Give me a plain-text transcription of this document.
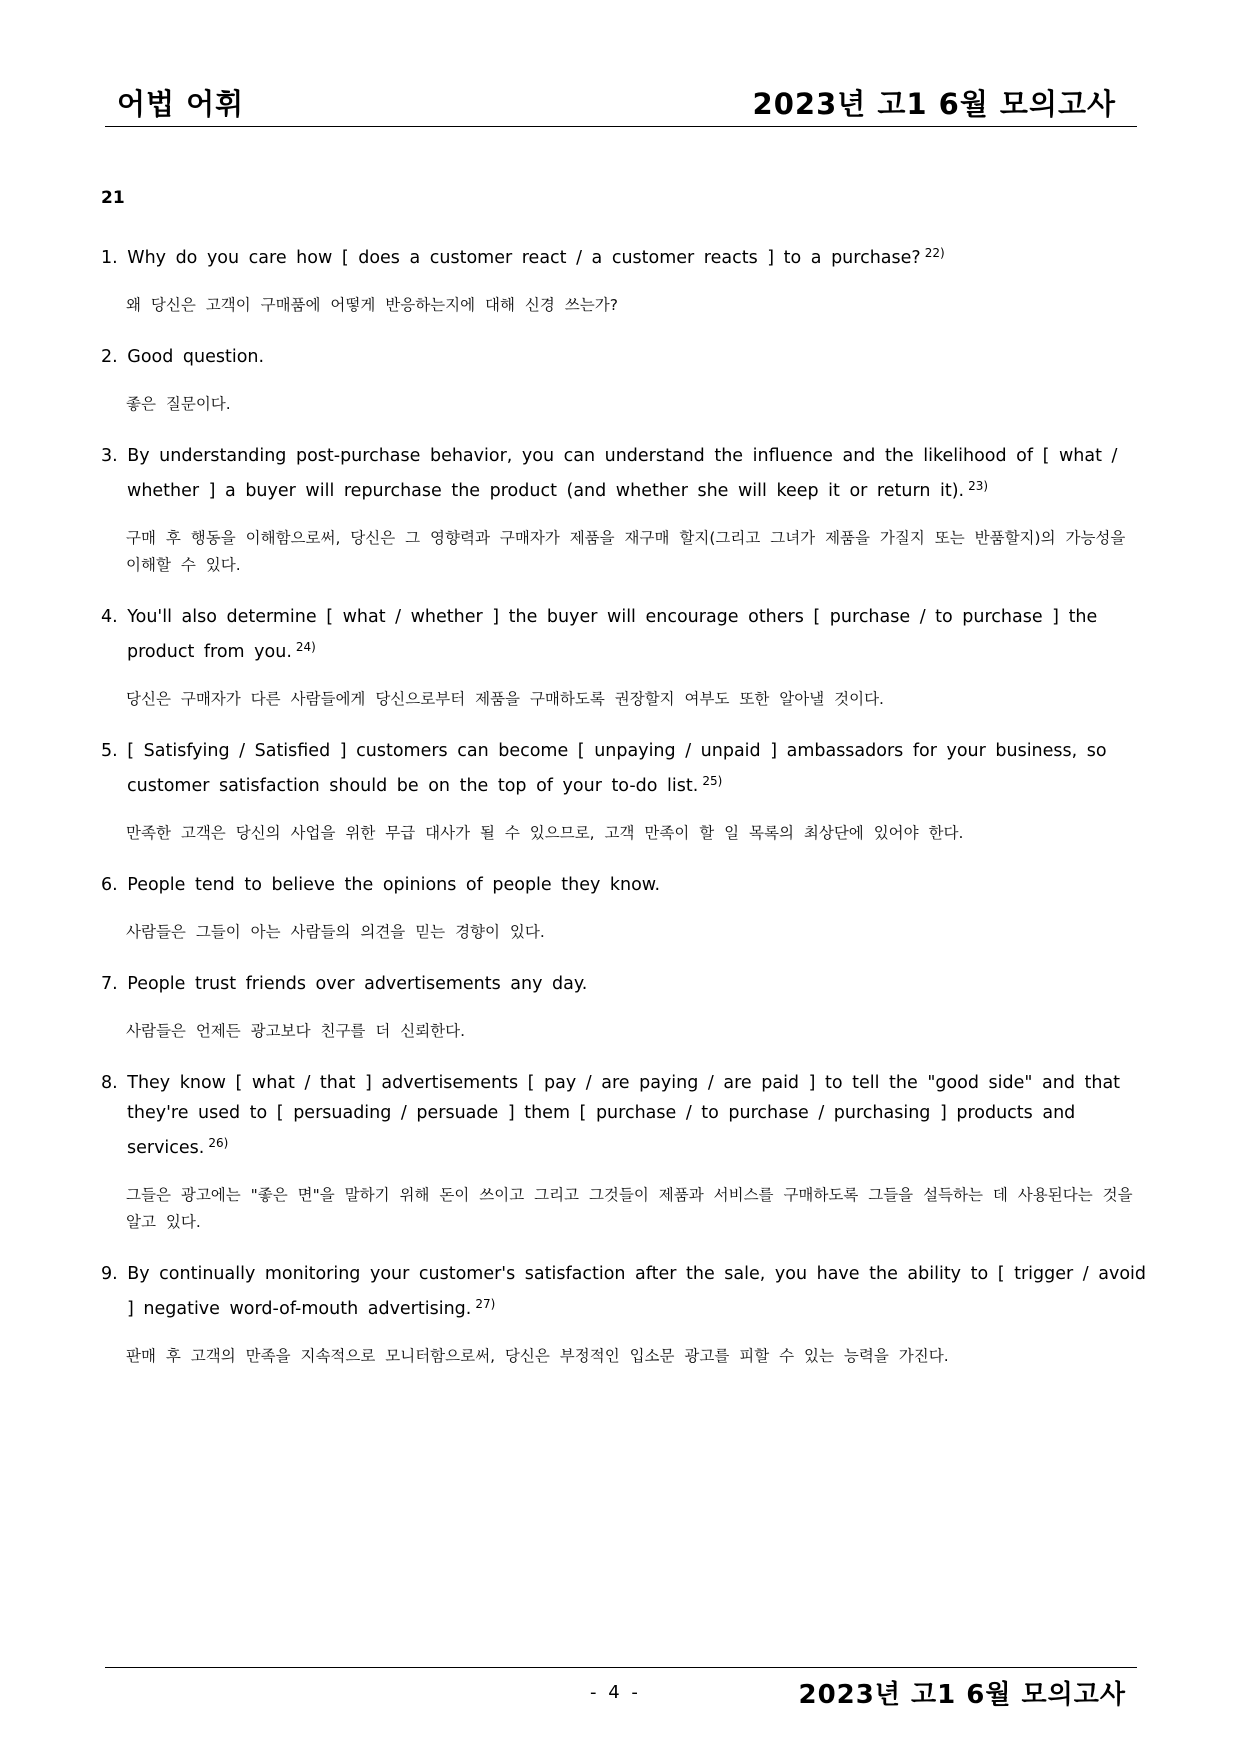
어법 어휘	2023년 고1 6월 모의고사
21
1. Why do you care how [ does a customer react / a customer reacts ] to a purchase? $^{22)}$
왜 당신은 고객이 구매품에 어떻게 반응하는지에 대해 신경 쓰는가?
2. Good question.
좋은 질문이다.
3. By understanding post-purchase behavior, you can understand the influence and the likelihood of [ what / whether ] a buyer will repurchase the product (and whether she will keep it or return it). $^{23)}$
구매 후 행동을 이해함으로써, 당신은 그 영향력과 구매자가 제품을 재구매 할지(그리고 그녀가 제품을 가질지 또는 반품할지)의 가능성을 이해할 수 있다.
4. You'll also determine [ what / whether ] the buyer will encourage others [ purchase / to purchase ] the product from you. $^{24)}$
당신은 구매자가 다른 사람들에게 당신으로부터 제품을 구매하도록 권장할지 여부도 또한 알아낼 것이다.
5. [ Satisfying / Satisfied ] customers can become [ unpaying / unpaid ] ambassadors for your business, so customer satisfaction should be on the top of your to-do list. $^{25)}$
만족한 고객은 당신의 사업을 위한 무급 대사가 될 수 있으므로, 고객 만족이 할 일 목록의 최상단에 있어야 한다.
6. People tend to believe the opinions of people they know.
사람들은 그들이 아는 사람들의 의견을 믿는 경향이 있다.
7. People trust friends over advertisements any day.
사람들은 언제든 광고보다 친구를 더 신뢰한다.
8. They know [ what / that ] advertisements [ pay / are paying / are paid ] to tell the "good side" and that they're used to [ persuading / persuade ] them [ purchase / to purchase / purchasing ] products and services. $^{26)}$
그들은 광고에는 "좋은 면"을 말하기 위해 돈이 쓰이고 그리고 그것들이 제품과 서비스를 구매하도록 그들을 설득하는 데 사용된다는 것을 알고 있다.
9. By continually monitoring your customer's satisfaction after the sale, you have the ability to [ trigger / avoid ] negative word-of-mouth advertising. $^{27)}$
판매 후 고객의 만족을 지속적으로 모니터함으로써, 당신은 부정적인 입소문 광고를 피할 수 있는 능력을 가진다.
- 4 -	2023년 고1 6월 모의고사
